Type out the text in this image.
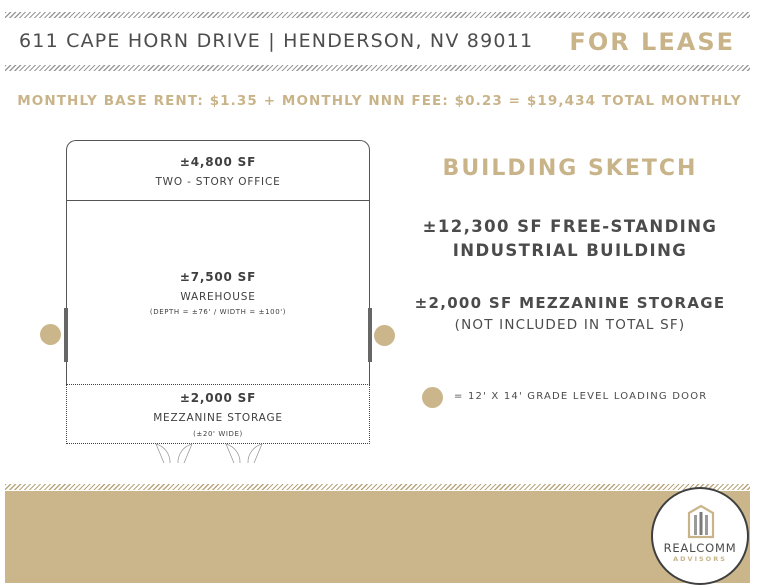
611 CAPE HORN DRIVE | HENDERSON, NV 89011 FOR LEASE
MONTHLY BASE RENT: $1.35 + MONTHLY NNN FEE: $0.23 = $19,434 TOTAL MONTHLY
±4,800 SF
TWO - STORY OFFICE
±7,500 SF
WAREHOUSE
(DEPTH = ±76' / WIDTH = ±100')
±2,000 SF
MEZZANINE STORAGE
(±20' WIDE)
BUILDING SKETCH
±12,300 SF FREE-STANDING
INDUSTRIAL BUILDING
±2,000 SF MEZZANINE STORAGE
(NOT INCLUDED IN TOTAL SF)
= 12' X 14' GRADE LEVEL LOADING DOOR
REALCOMM
ADVISORS
